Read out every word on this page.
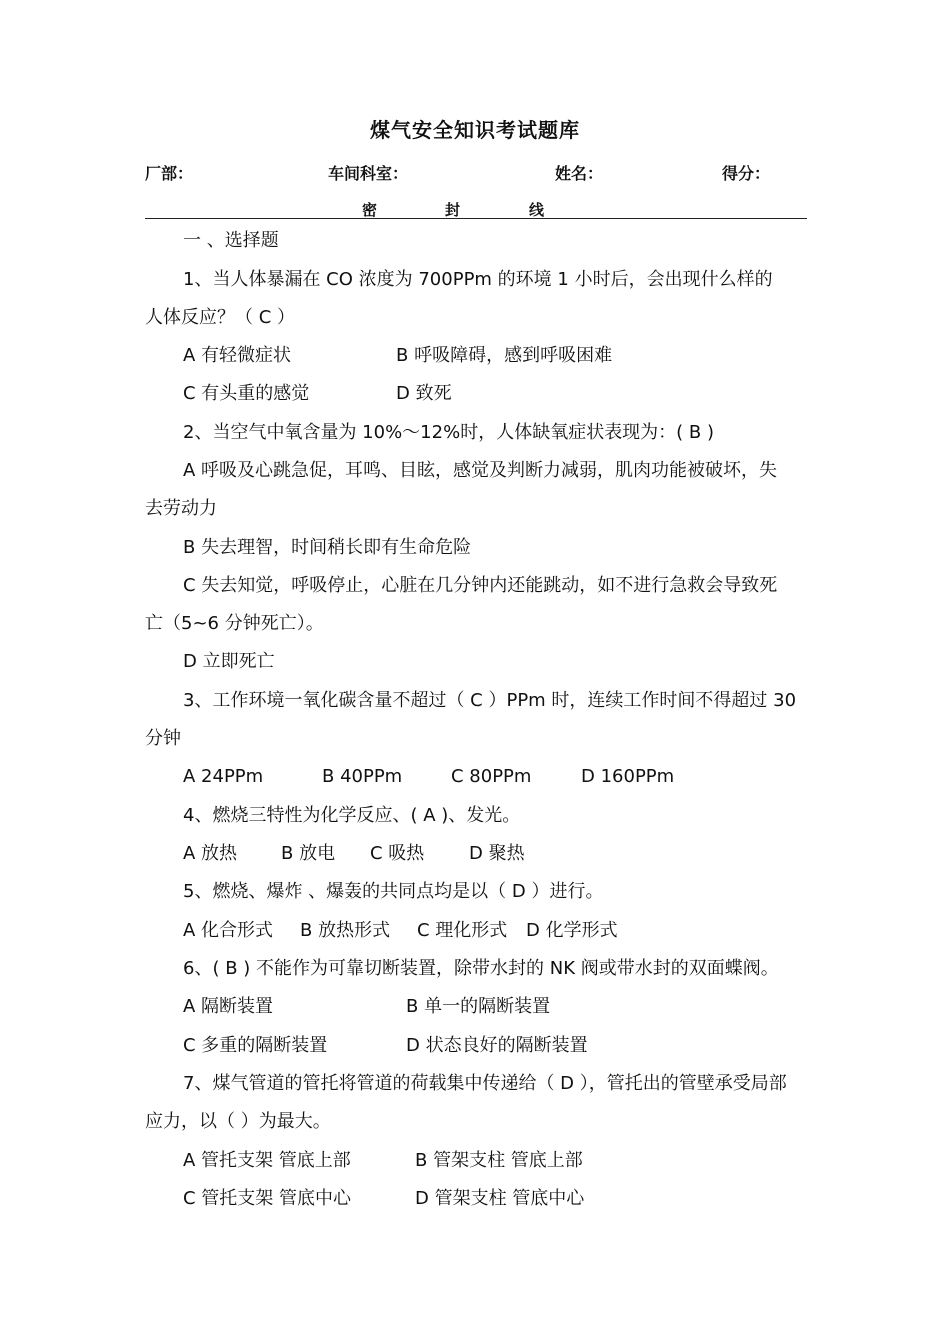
煤气安全知识考试题库
厂部：	车间科室：	姓名：	得分：
密	封	线
一 、选择题
1、当人体暴漏在 CO 浓度为 700PPm 的环境 1 小时后，会出现什么样的
人体反应？（ C ）
A 有轻微症状	B 呼吸障碍，感到呼吸困难
C 有头重的感觉	D 致死
2、当空气中氧含量为 10%～12%时，人体缺氧症状表现为：( B )
A 呼吸及心跳急促，耳鸣、目眩，感觉及判断力减弱，肌肉功能被破坏，失
去劳动力
B 失去理智，时间稍长即有生命危险
C 失去知觉，呼吸停止，心脏在几分钟内还能跳动，如不进行急救会导致死
亡（5~6 分钟死亡）。
D 立即死亡
3、工作环境一氧化碳含量不超过（ C ）PPm 时，连续工作时间不得超过 30
分钟
A 24PPm	B 40PPm	C 80PPm	D 160PPm
4、燃烧三特性为化学反应、( A )、发光。
A 放热 B 放电 C 吸热 D 聚热
5、燃烧、爆炸 、爆轰的共同点均是以（ D ）进行。
A 化合形式 B 放热形式 C 理化形式 D 化学形式
6、( B ) 不能作为可靠切断装置，除带水封的 NK 阀或带水封的双面蝶阀。
A 隔断装置	B 单一的隔断装置
C 多重的隔断装置	D 状态良好的隔断装置
7、煤气管道的管托将管道的荷载集中传递给（ D ），管托出的管壁承受局部
应力，以（ ）为最大。
A 管托支架 管底上部	B 管架支柱 管底上部
C 管托支架 管底中心	D 管架支柱 管底中心
